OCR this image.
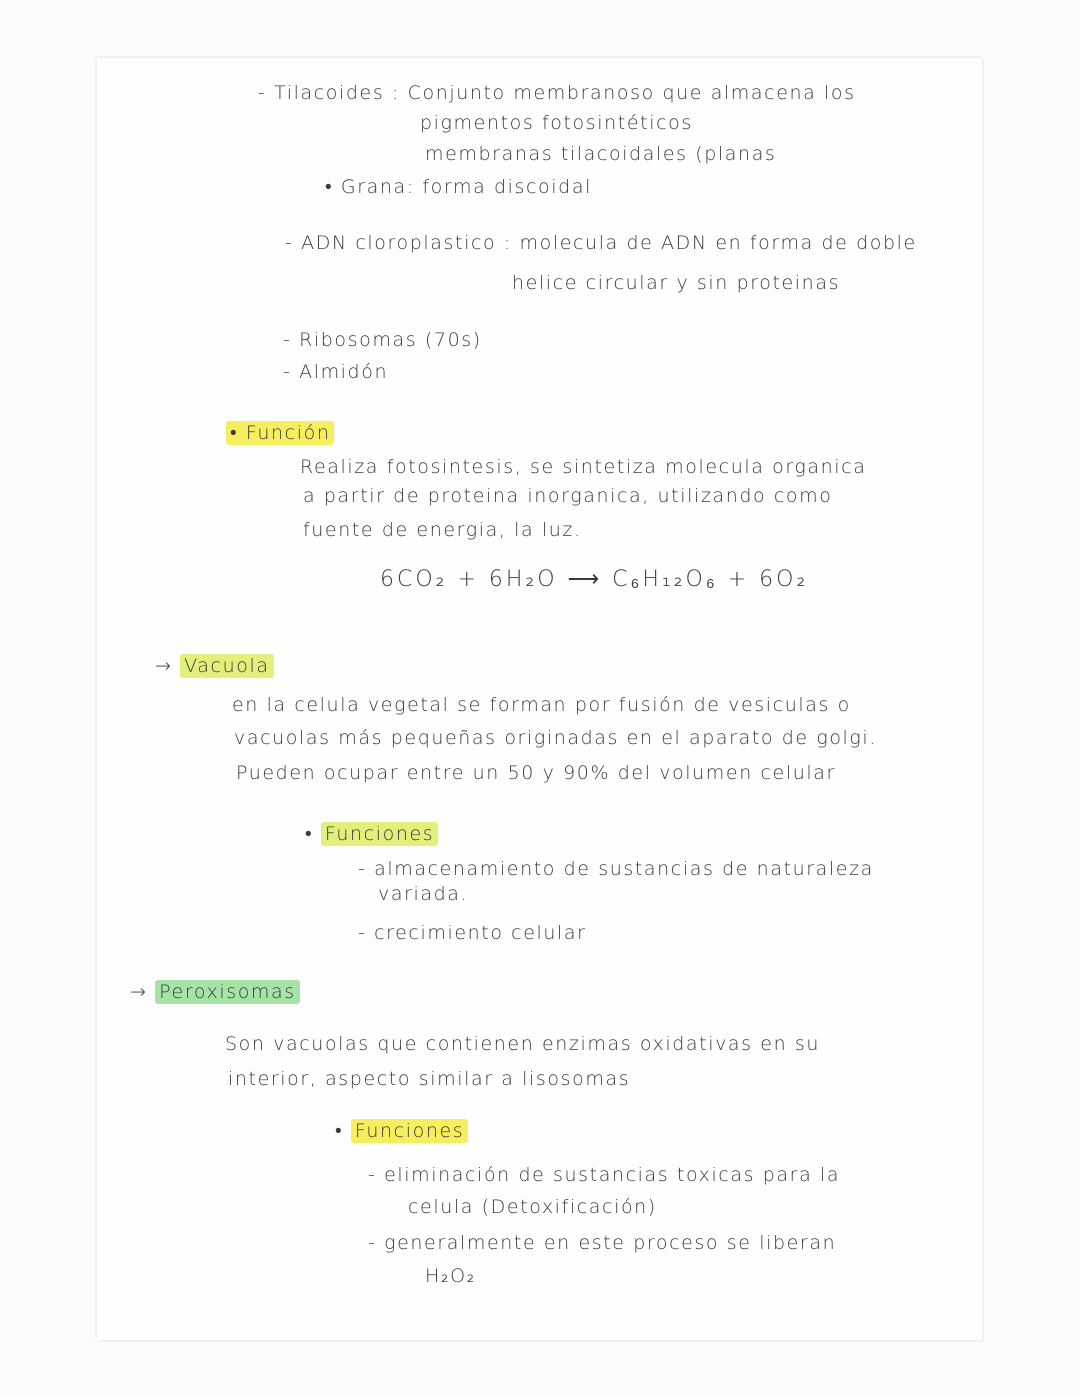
- Tilacoides : Conjunto membranoso que almacena los
pigmentos fotosintéticos
membranas tilacoidales (planas
• Grana: forma discoidal
- ADN cloroplastico : molecula de ADN en forma de doble
helice circular y sin proteinas
- Ribosomas (70s)
- Almidón
• Función
Realiza fotosintesis, se sintetiza molecula organica
a partir de proteina inorganica, utilizando como
fuente de energia, la luz.
6CO₂ + 6H₂O ⟶ C₆H₁₂O₆ + 6O₂
→ Vacuola
en la celula vegetal se forman por fusión de vesiculas o
vacuolas más pequeñas originadas en el aparato de golgi.
Pueden ocupar entre un 50 y 90% del volumen celular
• Funciones
- almacenamiento de sustancias de naturaleza
variada.
- crecimiento celular
→ Peroxisomas
Son vacuolas que contienen enzimas oxidativas en su
interior, aspecto similar a lisosomas
• Funciones
- eliminación de sustancias toxicas para la
celula (Detoxificación)
- generalmente en este proceso se liberan
H₂O₂
